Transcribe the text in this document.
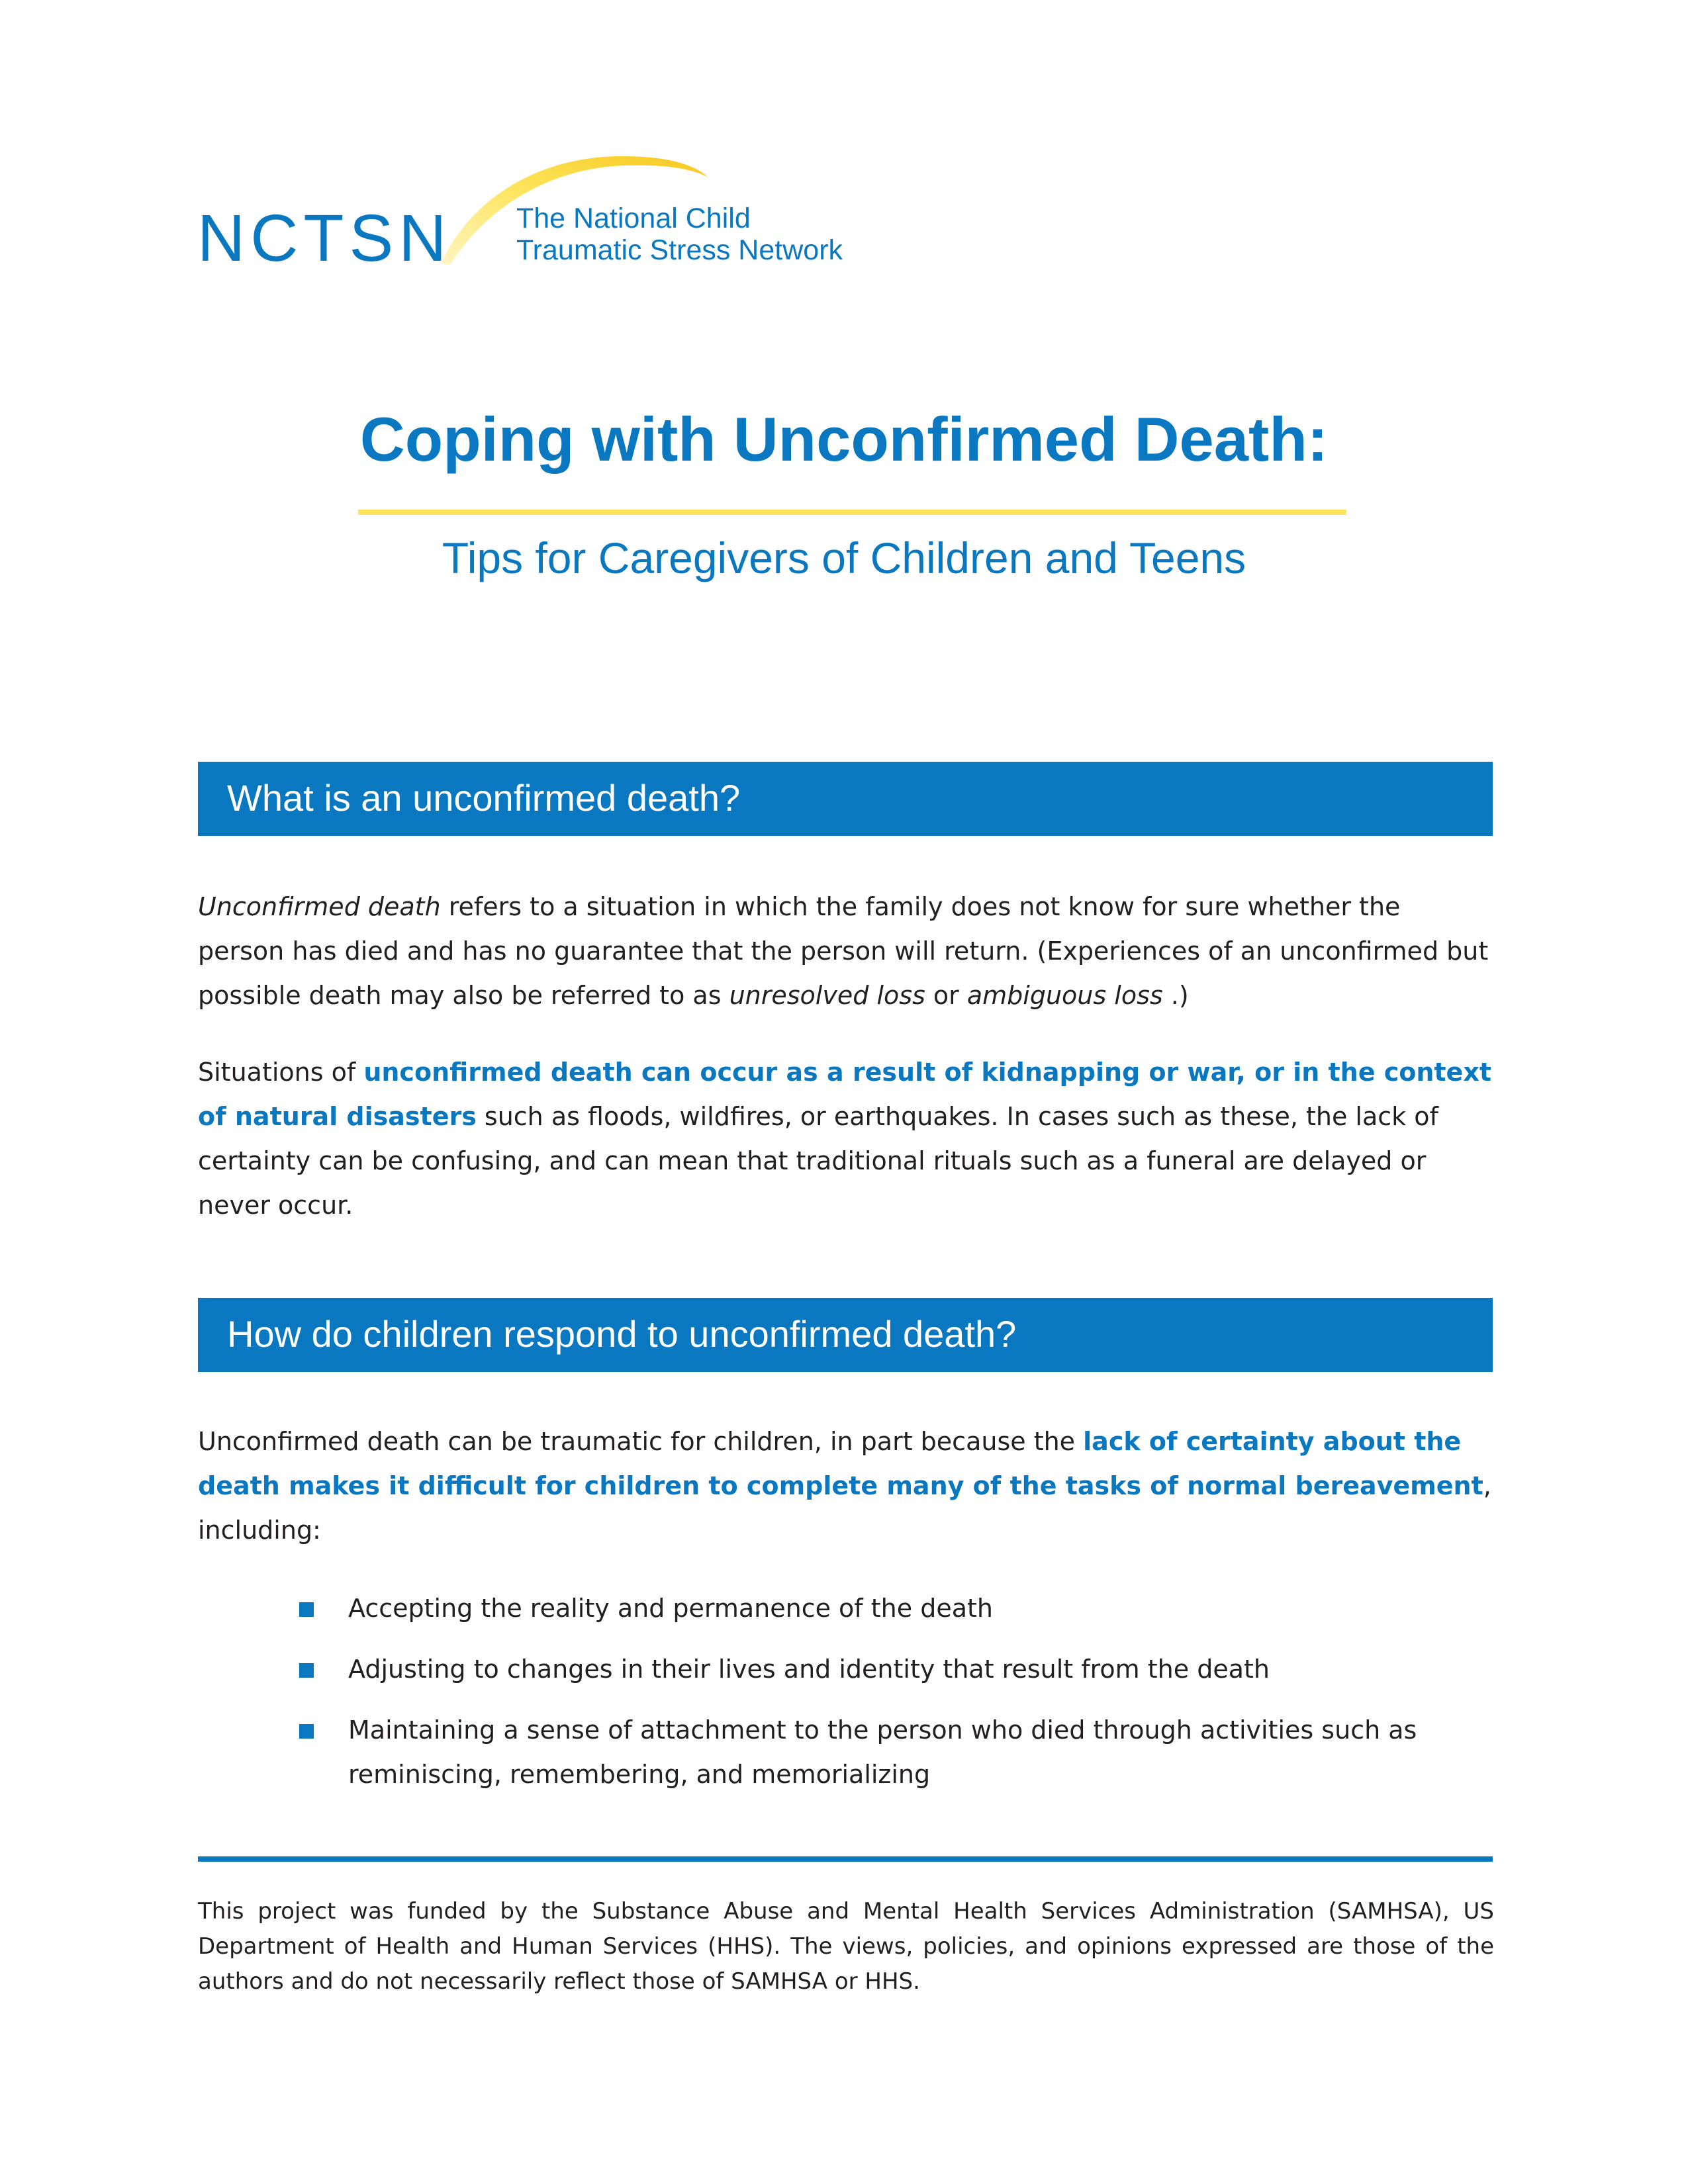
NCTSN The National Child
Traumatic Stress Network
Coping with Unconfirmed Death:
Tips for Caregivers of Children and Teens
What is an unconfirmed death?
Unconfirmed death refers to a situation in which the family does not know for sure whether the person has died and has no guarantee that the person will return. (Experiences of an unconfirmed but possible death may also be referred to as unresolved loss or ambiguous loss .)
Situations of unconfirmed death can occur as a result of kidnapping or war, or in the context of natural disasters such as floods, wildfires, or earthquakes. In cases such as these, the lack of certainty can be confusing, and can mean that traditional rituals such as a funeral are delayed or never occur.
How do children respond to unconfirmed death?
Unconfirmed death can be traumatic for children, in part because the lack of certainty about the death makes it difficult for children to complete many of the tasks of normal bereavement, including:
Accepting the reality and permanence of the death
Adjusting to changes in their lives and identity that result from the death
Maintaining a sense of attachment to the person who died through activities such as reminiscing, remembering, and memorializing
This project was funded by the Substance Abuse and Mental Health Services Administration (SAMHSA), US Department of Health and Human Services (HHS). The views, policies, and opinions expressed are those of the authors and do not necessarily reflect those of SAMHSA or HHS.
